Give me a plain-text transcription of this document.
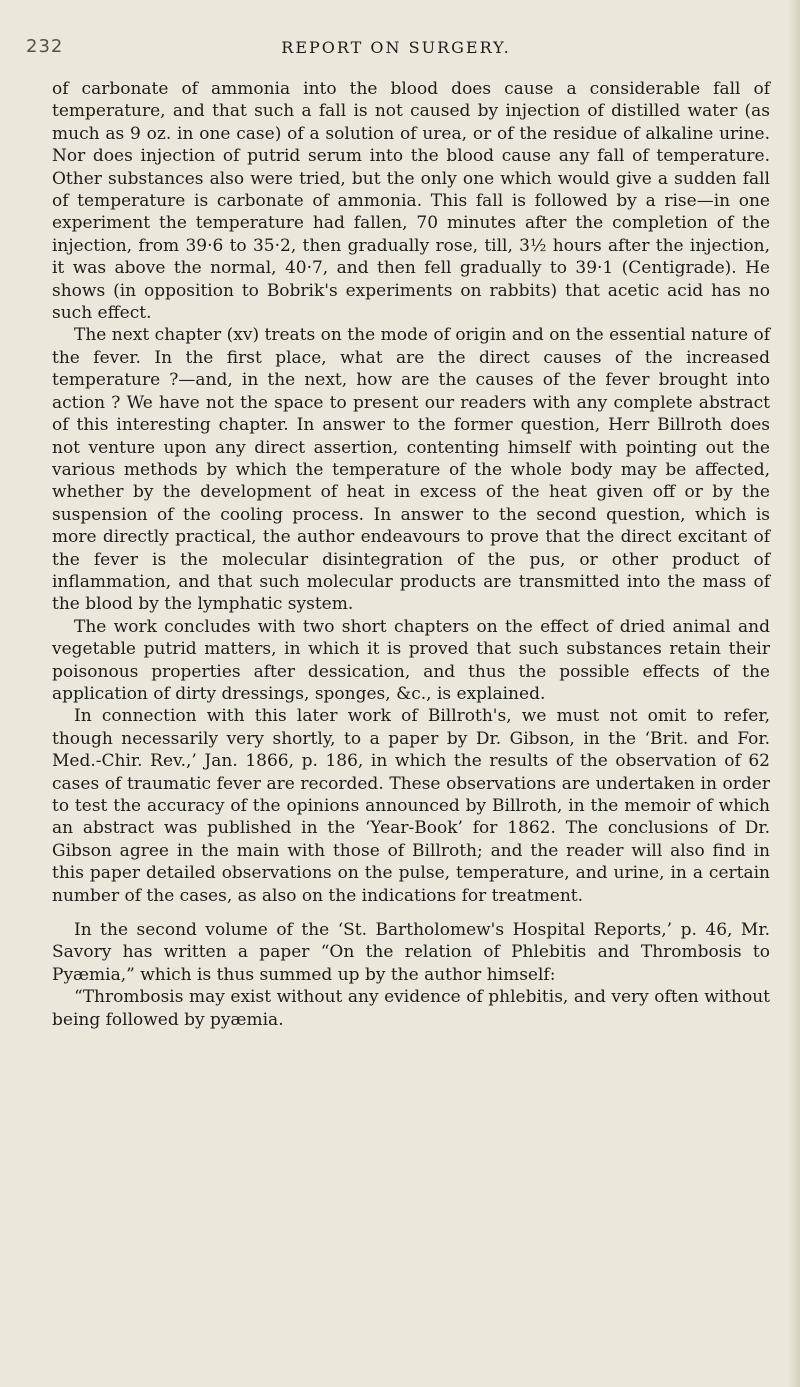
232	REPORT ON SURGERY.

of carbonate of ammonia into the blood does cause a considerable fall of temperature, and that such a fall is not caused by injection of distilled water (as much as 9 oz. in one case) of a solution of urea, or of the residue of alkaline urine. Nor does injection of putrid serum into the blood cause any fall of temperature. Other substances also were tried, but the only one which would give a sudden fall of temperature is carbonate of ammonia. This fall is followed by a rise—in one experiment the temperature had fallen, 70 minutes after the completion of the injection, from 39·6 to 35·2, then gradually rose, till, 3½ hours after the injection, it was above the normal, 40·7, and then fell gradually to 39·1 (Centigrade). He shows (in opposition to Bobrik's experiments on rabbits) that acetic acid has no such effect.

The next chapter (xv) treats on the mode of origin and on the essential nature of the fever. In the first place, what are the direct causes of the increased temperature ?—and, in the next, how are the causes of the fever brought into action ? We have not the space to present our readers with any complete abstract of this interesting chapter. In answer to the former question, Herr Billroth does not venture upon any direct assertion, contenting himself with pointing out the various methods by which the temperature of the whole body may be affected, whether by the development of heat in excess of the heat given off or by the suspension of the cooling process. In answer to the second question, which is more directly practical, the author endeavours to prove that the direct excitant of the fever is the molecular disintegration of the pus, or other product of inflammation, and that such molecular products are transmitted into the mass of the blood by the lymphatic system.

The work concludes with two short chapters on the effect of dried animal and vegetable putrid matters, in which it is proved that such substances retain their poisonous properties after dessication, and thus the possible effects of the application of dirty dressings, sponges, &c., is explained.

In connection with this later work of Billroth's, we must not omit to refer, though necessarily very shortly, to a paper by Dr. Gibson, in the ‘Brit. and For. Med.-Chir. Rev.,’ Jan. 1866, p. 186, in which the results of the observation of 62 cases of traumatic fever are recorded. These observations are undertaken in order to test the accuracy of the opinions announced by Billroth, in the memoir of which an abstract was published in the ‘Year-Book’ for 1862. The conclusions of Dr. Gibson agree in the main with those of Billroth; and the reader will also find in this paper detailed observations on the pulse, temperature, and urine, in a certain number of the cases, as also on the indications for treatment.

In the second volume of the ‘St. Bartholomew's Hospital Reports,’ p. 46, Mr. Savory has written a paper “On the relation of Phlebitis and Thrombosis to Pyæmia,” which is thus summed up by the author himself:

“Thrombosis may exist without any evidence of phlebitis, and very often without being followed by pyæmia.
